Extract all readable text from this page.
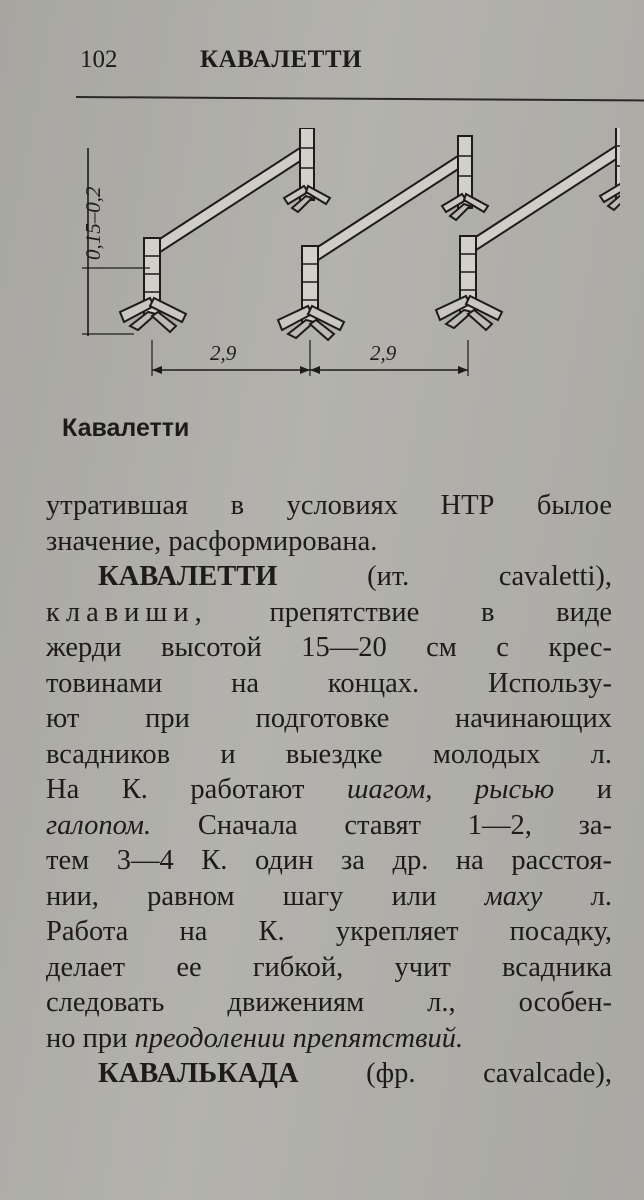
102	КАВАЛЕТТИ
0,15–0,2
2,9	2,9
Кавалетти
утратившая в условиях НТР былое
значение, расформирована.
КАВАЛЕТТИ	(ит. cavaletti),
клавиши, препятствие в виде
жерди высотой 15—20 см с крес-
товинами на концах. Использу-
ют при подготовке начинающих
всадников и выездке молодых л.
На К. работают шагом, рысью и
галопом. Сначала ставят 1—2, за-
тем 3—4 К. один за др. на расстоя-
нии, равном шагу или маху л.
Работа на К. укрепляет посадку,
делает ее гибкой, учит всадника
следовать движениям л., особен-
но при преодолении препятствий.
КАВАЛЬКАДА (фр. cavalcade),
